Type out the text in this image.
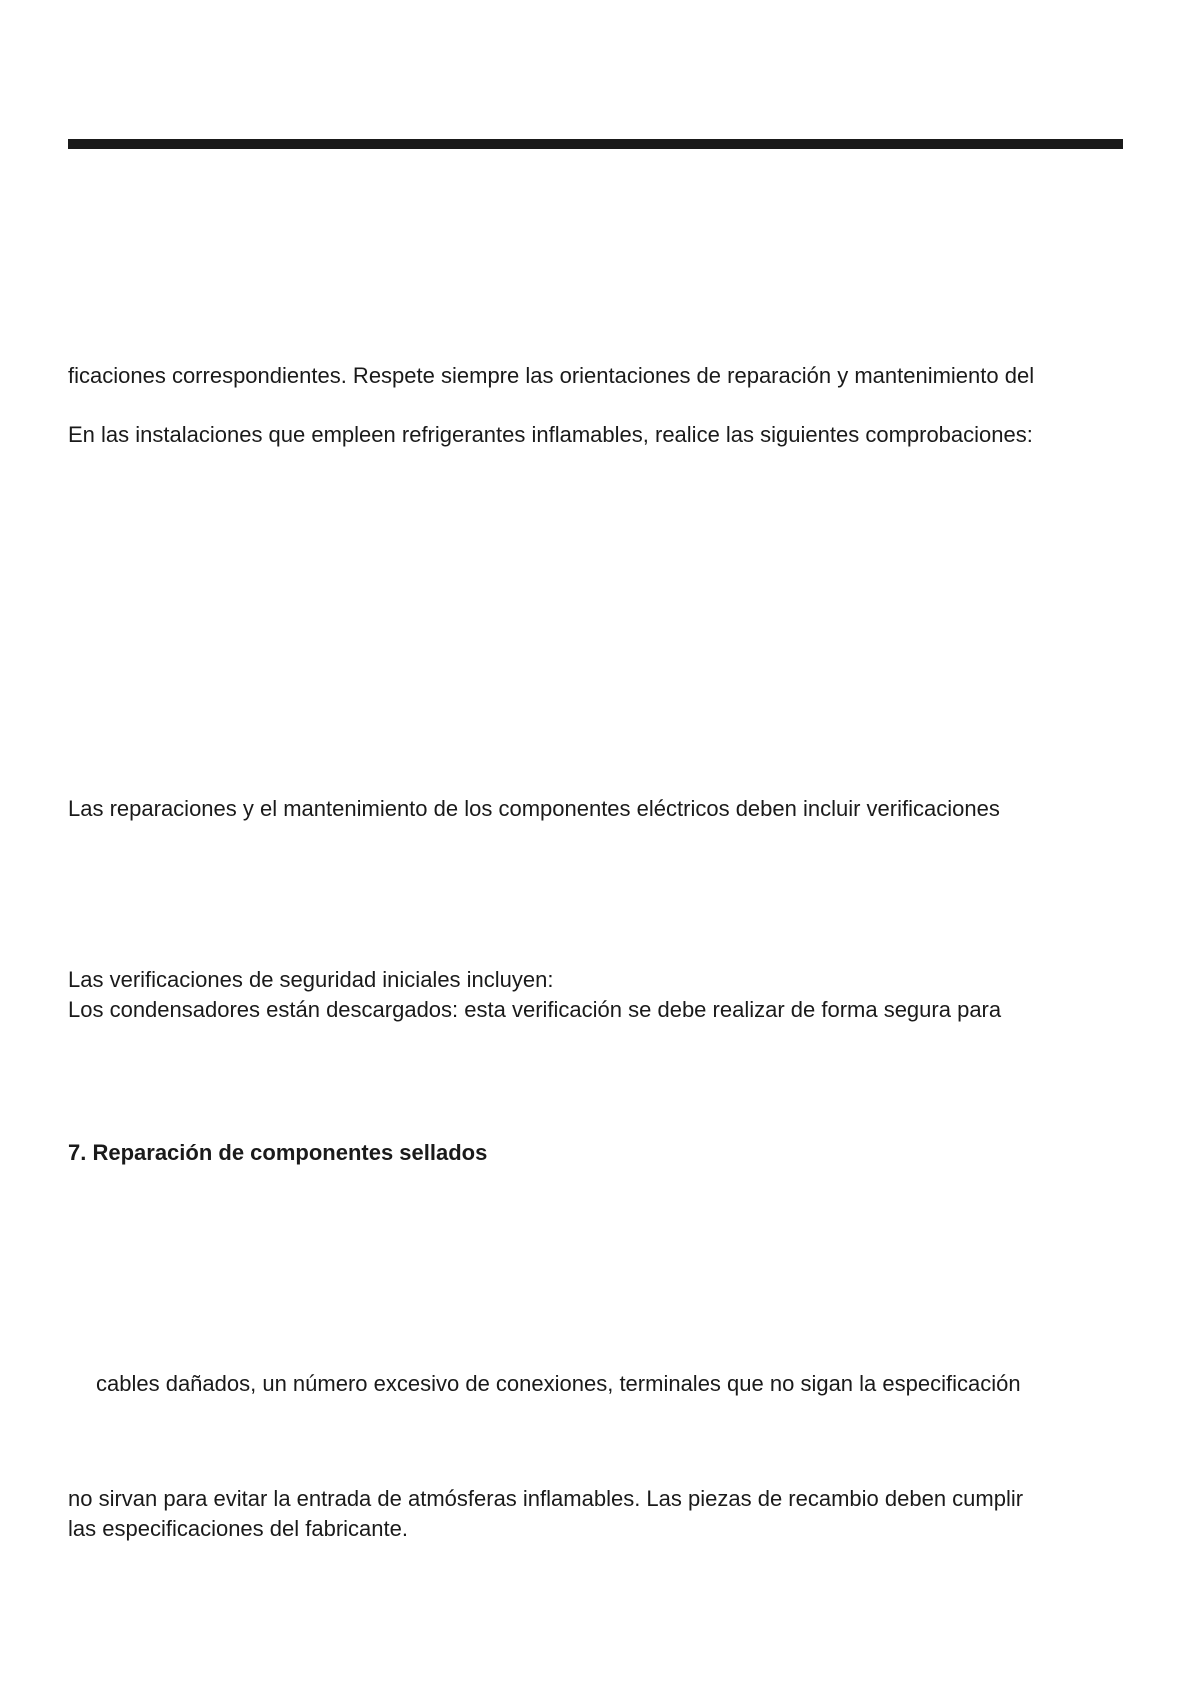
ficaciones correspondientes. Respete siempre las orientaciones de reparación y mantenimiento del
En las instalaciones que empleen refrigerantes inflamables, realice las siguientes comprobaciones:
Las reparaciones y el mantenimiento de los componentes eléctricos deben incluir verificaciones
Las verificaciones de seguridad iniciales incluyen:
Los condensadores están descargados: esta verificación se debe realizar de forma segura para
7. Reparación de componentes sellados
cables dañados, un número excesivo de conexiones, terminales que no sigan la especificación
no sirvan para evitar la entrada de atmósferas inflamables. Las piezas de recambio deben cumplir
las especificaciones del fabricante.
